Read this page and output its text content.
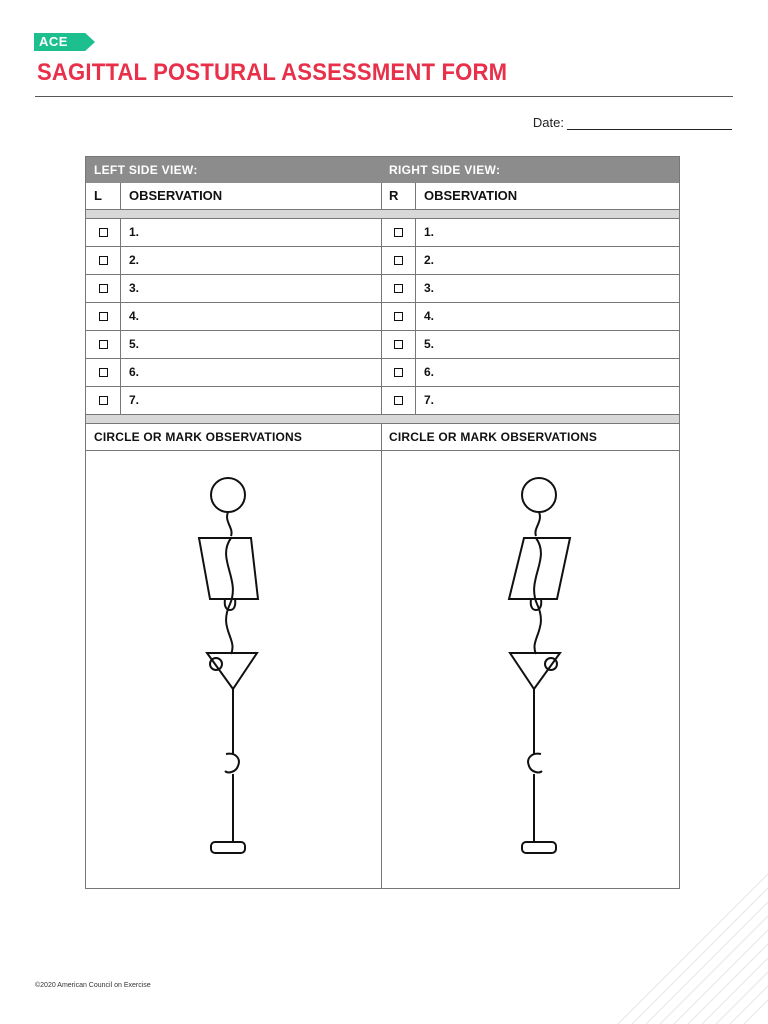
ACE
SAGITTAL POSTURAL ASSESSMENT FORM
Date:
LEFT SIDE VIEW:
L	OBSERVATION
1.
2.
3.
4.
5.
6.
7.
CIRCLE OR MARK OBSERVATIONS
RIGHT SIDE VIEW:
R	OBSERVATION
1.
2.
3.
4.
5.
6.
7.
CIRCLE OR MARK OBSERVATIONS
©2020 American Council on Exercise
